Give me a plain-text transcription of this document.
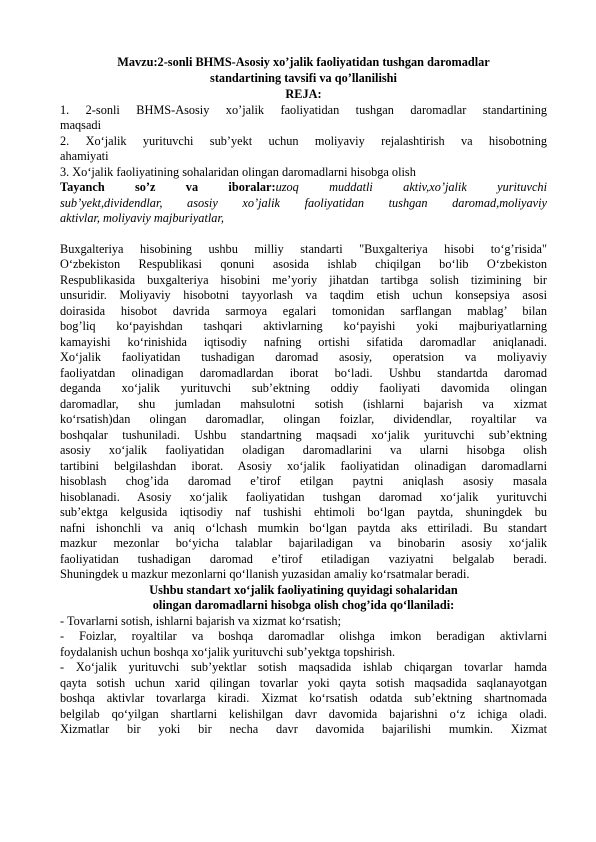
Mavzu:2-sonli BHMS-Asosiy xo’jalik faoliyatidan tushgan daromadlar
standartining tavsifi va qo’llanilishi
REJA:
1. 2-sonli BHMS-Asosiy xo’jalik faoliyatidan tushgan daromadlar standartining
maqsadi
2. Xo‘jalik yurituvchi sub’yekt uchun moliyaviy rejalashtirish va hisobotning
ahamiyati
3. Xo‘jalik faoliyatining sohalaridan olingan daromadlarni hisobga olish
Tayanch so’z va iboralar:uzoq muddatli aktiv,xo’jalik yurituvchi
sub’yekt,dividendlar, asosiy xo’jalik faoliyatidan tushgan daromad,moliyaviy
aktivlar, moliyaviy majburiyatlar,
Buxgalteriya hisobining ushbu milliy standarti "Buxgalteriya hisobi to‘g’risida"
O‘zbekiston Respublikasi qonuni asosida ishlab chiqilgan bo‘lib O‘zbekiston
Respublikasida buxgalteriya hisobini me’yoriy jihatdan tartibga solish tizimining bir
unsuridir. Moliyaviy hisobotni tayyorlash va taqdim etish uchun konsepsiya asosi
doirasida hisobot davrida sarmoya egalari tomonidan sarflangan mablag’ bilan
bog’liq ko‘payishdan tashqari aktivlarning ko‘payishi yoki majburiyatlarning
kamayishi ko‘rinishida iqtisodiy nafning ortishi sifatida daromadlar aniqlanadi.
Xo‘jalik faoliyatidan tushadigan daromad asosiy, operatsion va moliyaviy
faoliyatdan olinadigan daromadlardan iborat bo‘ladi. Ushbu standartda daromad
deganda xo‘jalik yurituvchi sub’ektning oddiy faoliyati davomida olingan
daromadlar, shu jumladan mahsulotni sotish (ishlarni bajarish va xizmat
ko‘rsatish)dan olingan daromadlar, olingan foizlar, dividendlar, royaltilar va
boshqalar tushuniladi. Ushbu standartning maqsadi xo‘jalik yurituvchi sub’ektning
asosiy xo‘jalik faoliyatidan oladigan daromadlarini va ularni hisobga olish
tartibini belgilashdan iborat. Asosiy xo‘jalik faoliyatidan olinadigan daromadlarni
hisoblash chog’ida daromad e’tirof etilgan paytni aniqlash asosiy masala
hisoblanadi. Asosiy xo‘jalik faoliyatidan tushgan daromad xo‘jalik yurituvchi
sub’ektga kelgusida iqtisodiy naf tushishi ehtimoli bo‘lgan paytda, shuningdek bu
nafni ishonchli va aniq o‘lchash mumkin bo‘lgan paytda aks ettiriladi. Bu standart
mazkur mezonlar bo‘yicha talablar bajariladigan va binobarin asosiy xo‘jalik
faoliyatidan tushadigan daromad e’tirof etiladigan vaziyatni belgalab beradi.
Shuningdek u mazkur mezonlarni qo‘llanish yuzasidan amaliy ko‘rsatmalar beradi.
Ushbu standart xo‘jalik faoliyatining quyidagi sohalaridan
olingan daromadlarni hisobga olish chog’ida qo‘llaniladi:
- Tovarlarni sotish, ishlarni bajarish va xizmat ko‘rsatish;
- Foizlar, royaltilar va boshqa daromadlar olishga imkon beradigan aktivlarni
foydalanish uchun boshqa xo‘jalik yurituvchi sub’yektga topshirish.
- Xo‘jalik yurituvchi sub’yektlar sotish maqsadida ishlab chiqargan tovarlar hamda
qayta sotish uchun xarid qilingan tovarlar yoki qayta sotish maqsadida saqlanayotgan
boshqa aktivlar tovarlarga kiradi. Xizmat ko‘rsatish odatda sub’ektning shartnomada
belgilab qo‘yilgan shartlarni kelishilgan davr davomida bajarishni o‘z ichiga oladi.
Xizmatlar bir yoki bir necha davr davomida bajarilishi mumkin. Xizmat
